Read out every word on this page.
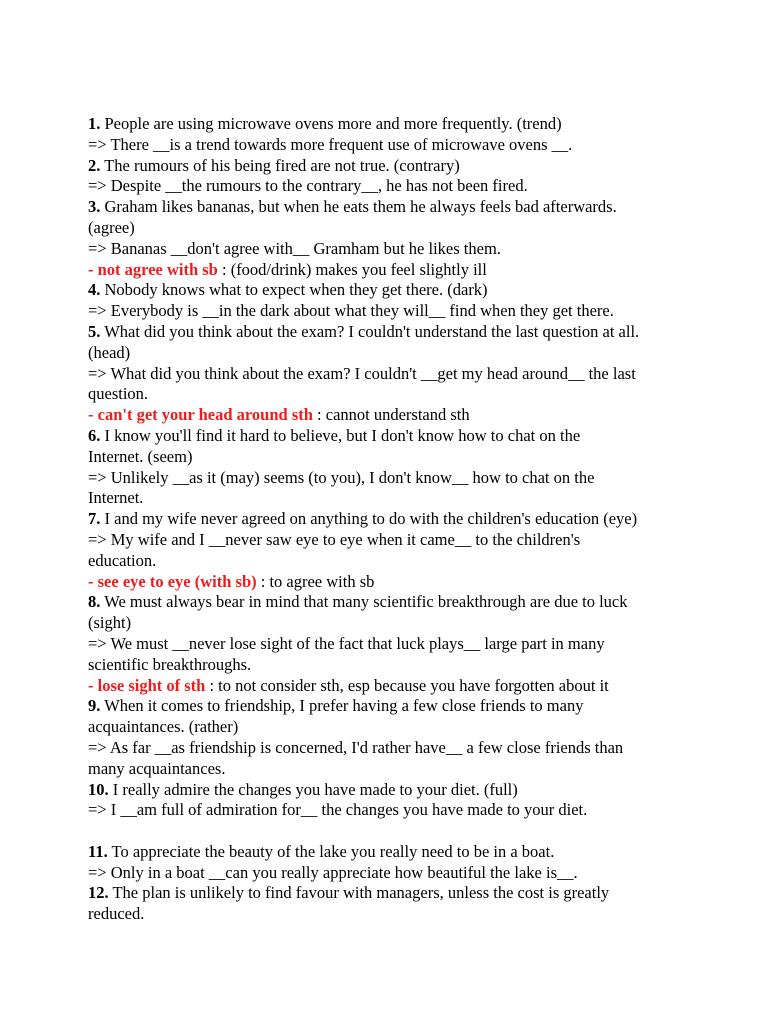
1. People are using microwave ovens more and more frequently. (trend)
=> There __is a trend towards more frequent use of microwave ovens __.
2. The rumours of his being fired are not true. (contrary)
=> Despite __the rumours to the contrary__, he has not been fired.
3. Graham likes bananas, but when he eats them he always feels bad afterwards.
(agree)
=> Bananas __don't agree with__ Gramham but he likes them.
- not agree with sb : (food/drink) makes you feel slightly ill
4. Nobody knows what to expect when they get there. (dark)
=> Everybody is __in the dark about what they will__ find when they get there.
5. What did you think about the exam? I couldn't understand the last question at all.
(head)
=> What did you think about the exam? I couldn't __get my head around__ the last
question.
- can't get your head around sth : cannot understand sth
6. I know you'll find it hard to believe, but I don't know how to chat on the
Internet. (seem)
=> Unlikely __as it (may) seems (to you), I don't know__ how to chat on the
Internet.
7. I and my wife never agreed on anything to do with the children's education (eye)
=> My wife and I __never saw eye to eye when it came__ to the children's
education.
- see eye to eye (with sb) : to agree with sb
8. We must always bear in mind that many scientific breakthrough are due to luck
(sight)
=> We must __never lose sight of the fact that luck plays__ large part in many
scientific breakthroughs.
- lose sight of sth : to not consider sth, esp because you have forgotten about it
9. When it comes to friendship, I prefer having a few close friends to many
acquaintances. (rather)
=> As far __as friendship is concerned, I'd rather have__ a few close friends than
many acquaintances.
10. I really admire the changes you have made to your diet. (full)
=> I __am full of admiration for__ the changes you have made to your diet.
11. To appreciate the beauty of the lake you really need to be in a boat.
=> Only in a boat __can you really appreciate how beautiful the lake is__.
12. The plan is unlikely to find favour with managers, unless the cost is greatly
reduced.
